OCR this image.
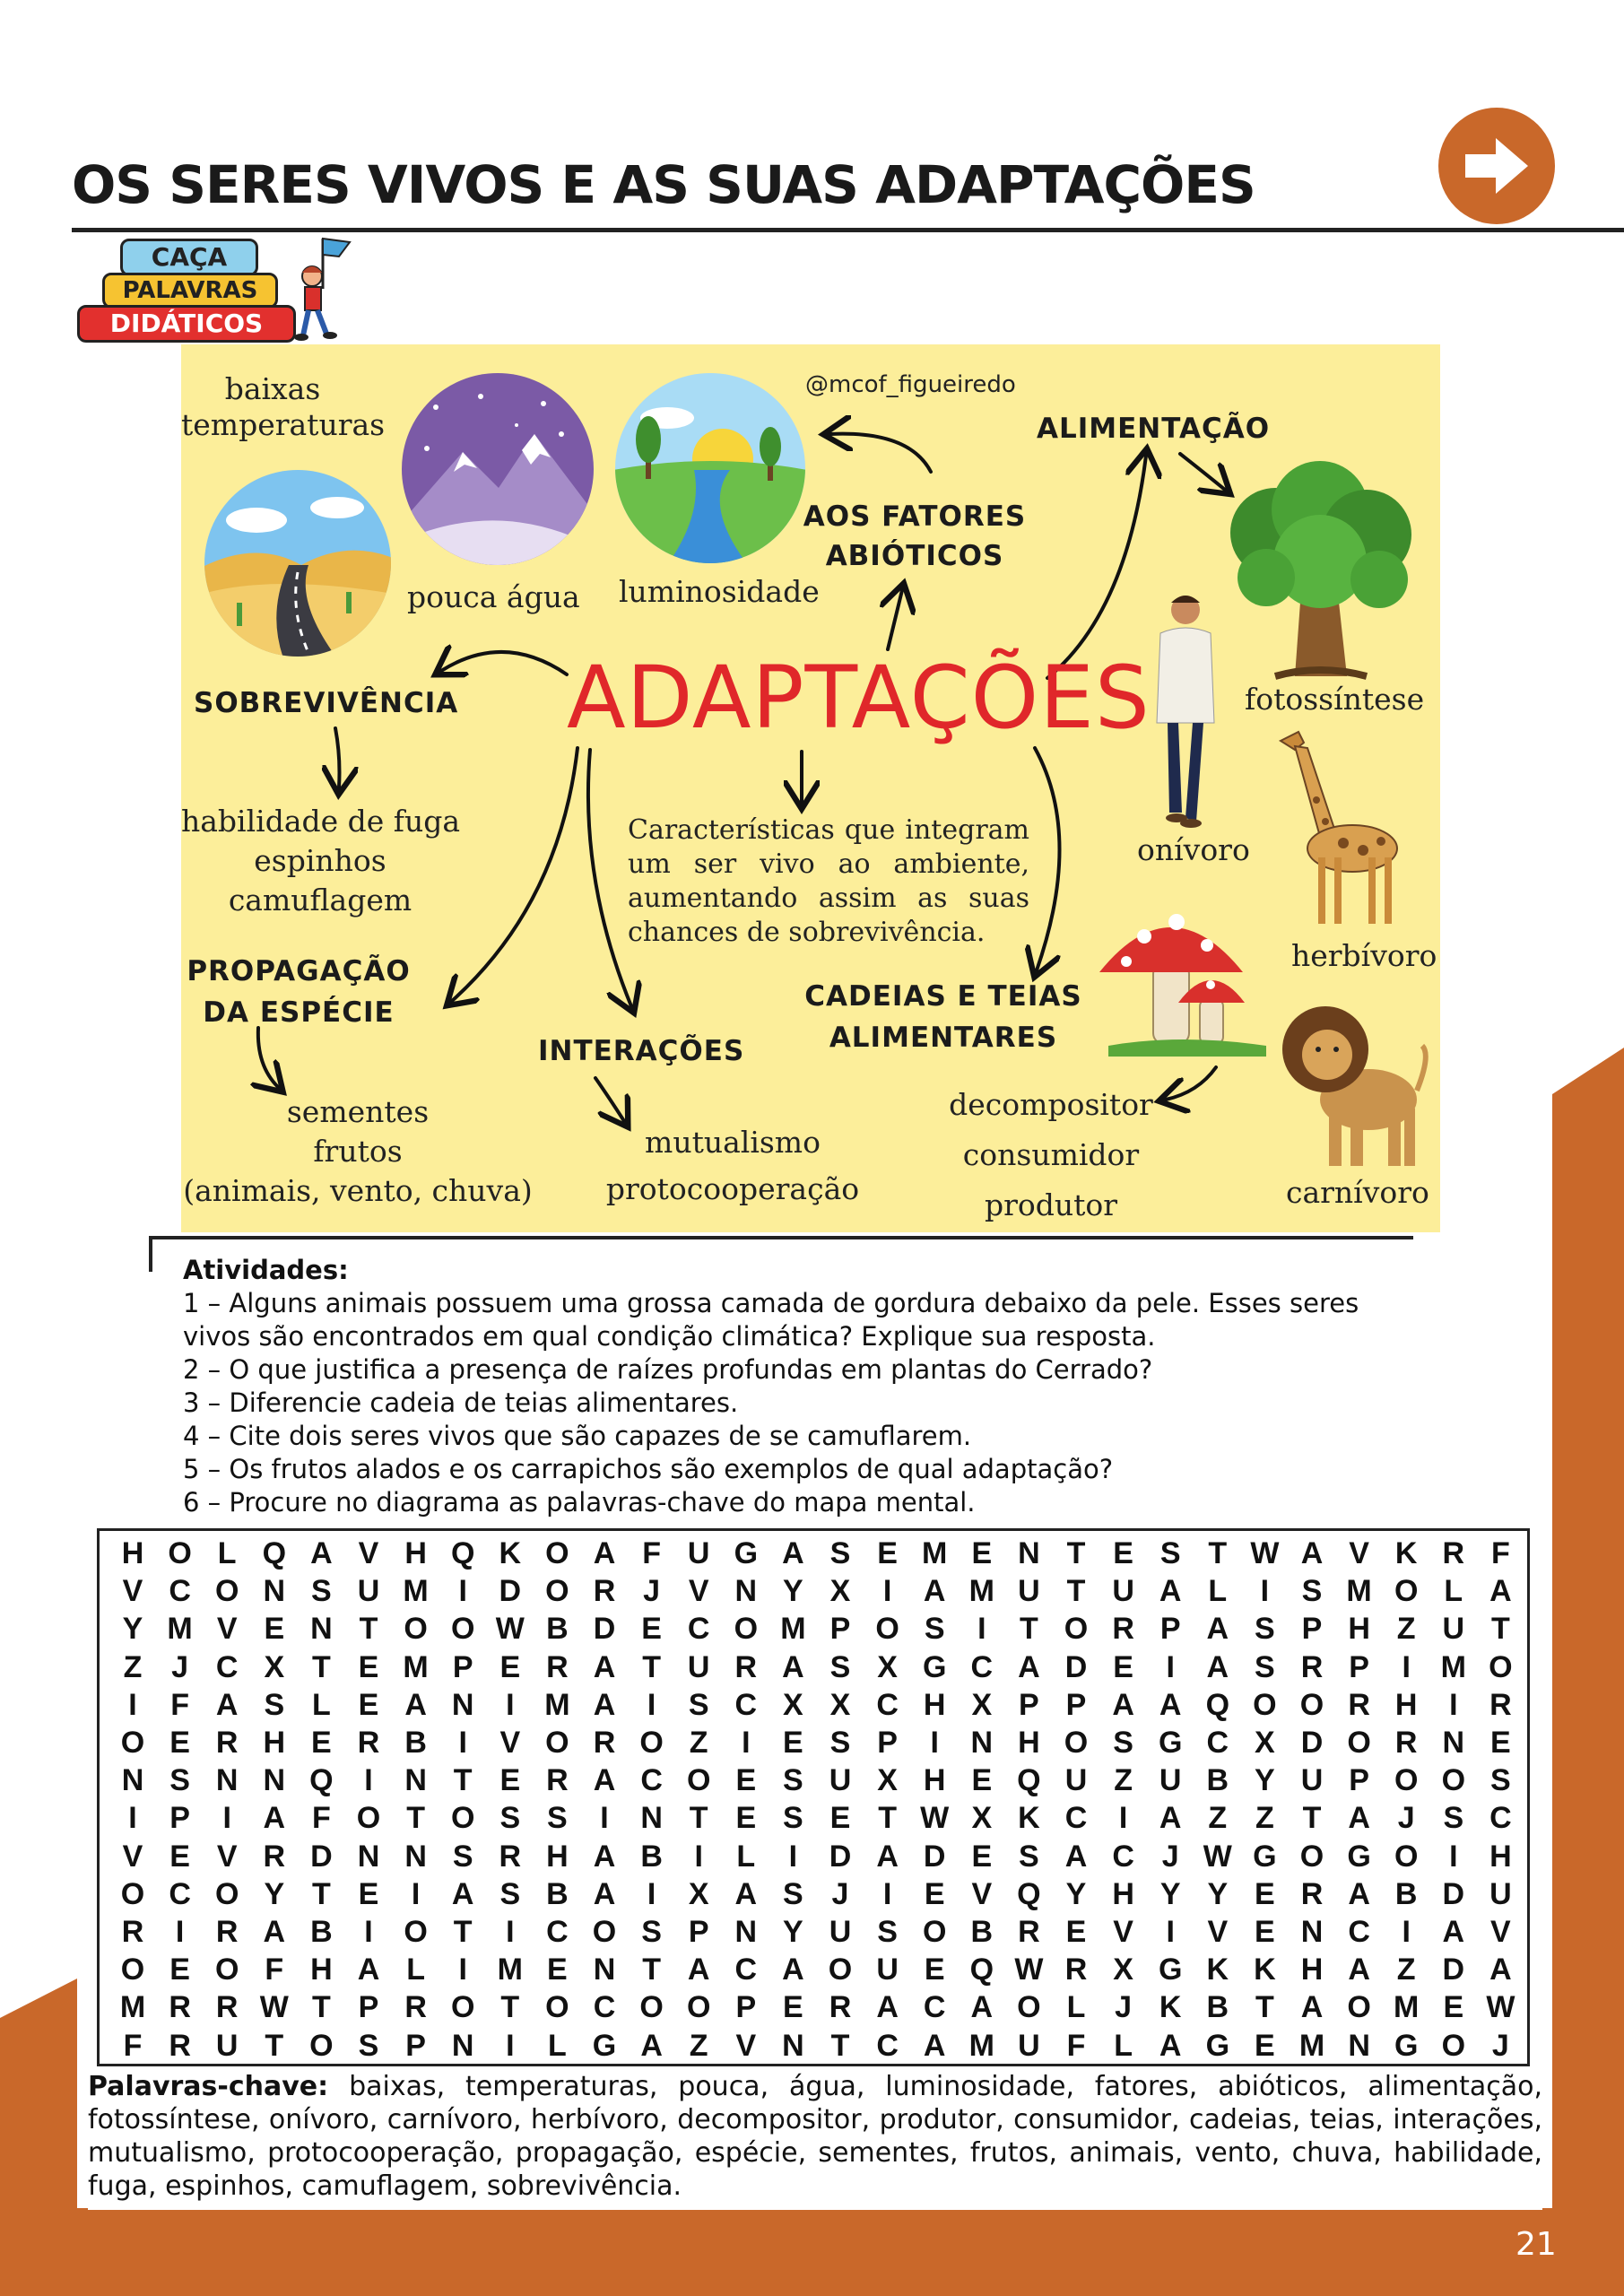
OS SERES VIVOS E AS SUAS ADAPTAÇÕES
CAÇA
PALAVRAS
DIDÁTICOS
baixas
temperaturas
pouca água luminosidade
@mcof_figueiredo
AOS FATORES
ABIÓTICOS
ALIMENTAÇÃO
fotossíntese
onívoro
herbívoro
carnívoro
ADAPTAÇÕES
SOBREVIVÊNCIA
habilidade de fuga
espinhos
camuflagem
Características que integram um ser vivo ao ambiente, aumentando assim as suas chances de sobrevivência.
PROPAGAÇÃO
DA ESPÉCIE
sementes
frutos
(animais, vento, chuva)
INTERAÇÕES
mutualismo
protocooperação
CADEIAS E TEIAS
ALIMENTARES
decompositor
consumidor
produtor
Atividades:
1 – Alguns animais possuem uma grossa camada de gordura debaixo da pele. Esses seres
vivos são encontrados em qual condição climática? Explique sua resposta.
2 – O que justifica a presença de raízes profundas em plantas do Cerrado?
3 – Diferencie cadeia de teias alimentares.
4 – Cite dois seres vivos que são capazes de se camuflarem.
5 – Os frutos alados e os carrapichos são exemplos de qual adaptação?
6 – Procure no diagrama as palavras-chave do mapa mental.
H O L Q A V H Q K O A F U G A S E M E N T E S T W A V K R F
V C O N S U M I	D O R J V N Y X	I	A M U T U A L	I	S M O L A
Y M V E N T O O W B D E C O M P O S	I	T O R P A S P H Z U T
Z J C X T E M P E R A T U R A S X G C A D E	I	A S R P	I M O
I	F A S L E A N	I M A	I	S C X X C H X P P A A Q O O R H	I	R
O E R H E R B	I	V O R O Z	I	E S P	I	N H O S G C X D O R N E
N S N N Q	I	N T E R A C O E S U X H E Q U Z U B Y U P O O S
I	P	I	A F O T O S S	I	N T E S E T W X K C	I	A Z Z T A J S C
V E V R D N N S R H A B	I	L	I	D A D E S A C J W G O G O	I	H
O C O Y T E	I	A S B A	I	X A S J	I	E V Q Y H Y Y E R A B D U
R	I	R A B	I	O T	I	C O S P N Y U S O B R E V	I	V E N C	I	A V
O E O F H A L	I M E N T A C A O U E Q W R X G K K H A Z D A
M R R W T P R O T O C O O P E R A C A O L J K B T A O M E W
F R U T O S P N	I	L G A Z V N T C A M U F L A G E M N G O J
Palavras-chave: baixas, temperaturas, pouca, água, luminosidade, fatores, abióticos, alimentação, fotossíntese, onívoro, carnívoro, herbívoro, decompositor, produtor, consumidor, cadeias, teias, interações, mutualismo, protocooperação, propagação, espécie, sementes, frutos, animais, vento, chuva, habilidade, fuga, espinhos, camuflagem, sobrevivência.
21
